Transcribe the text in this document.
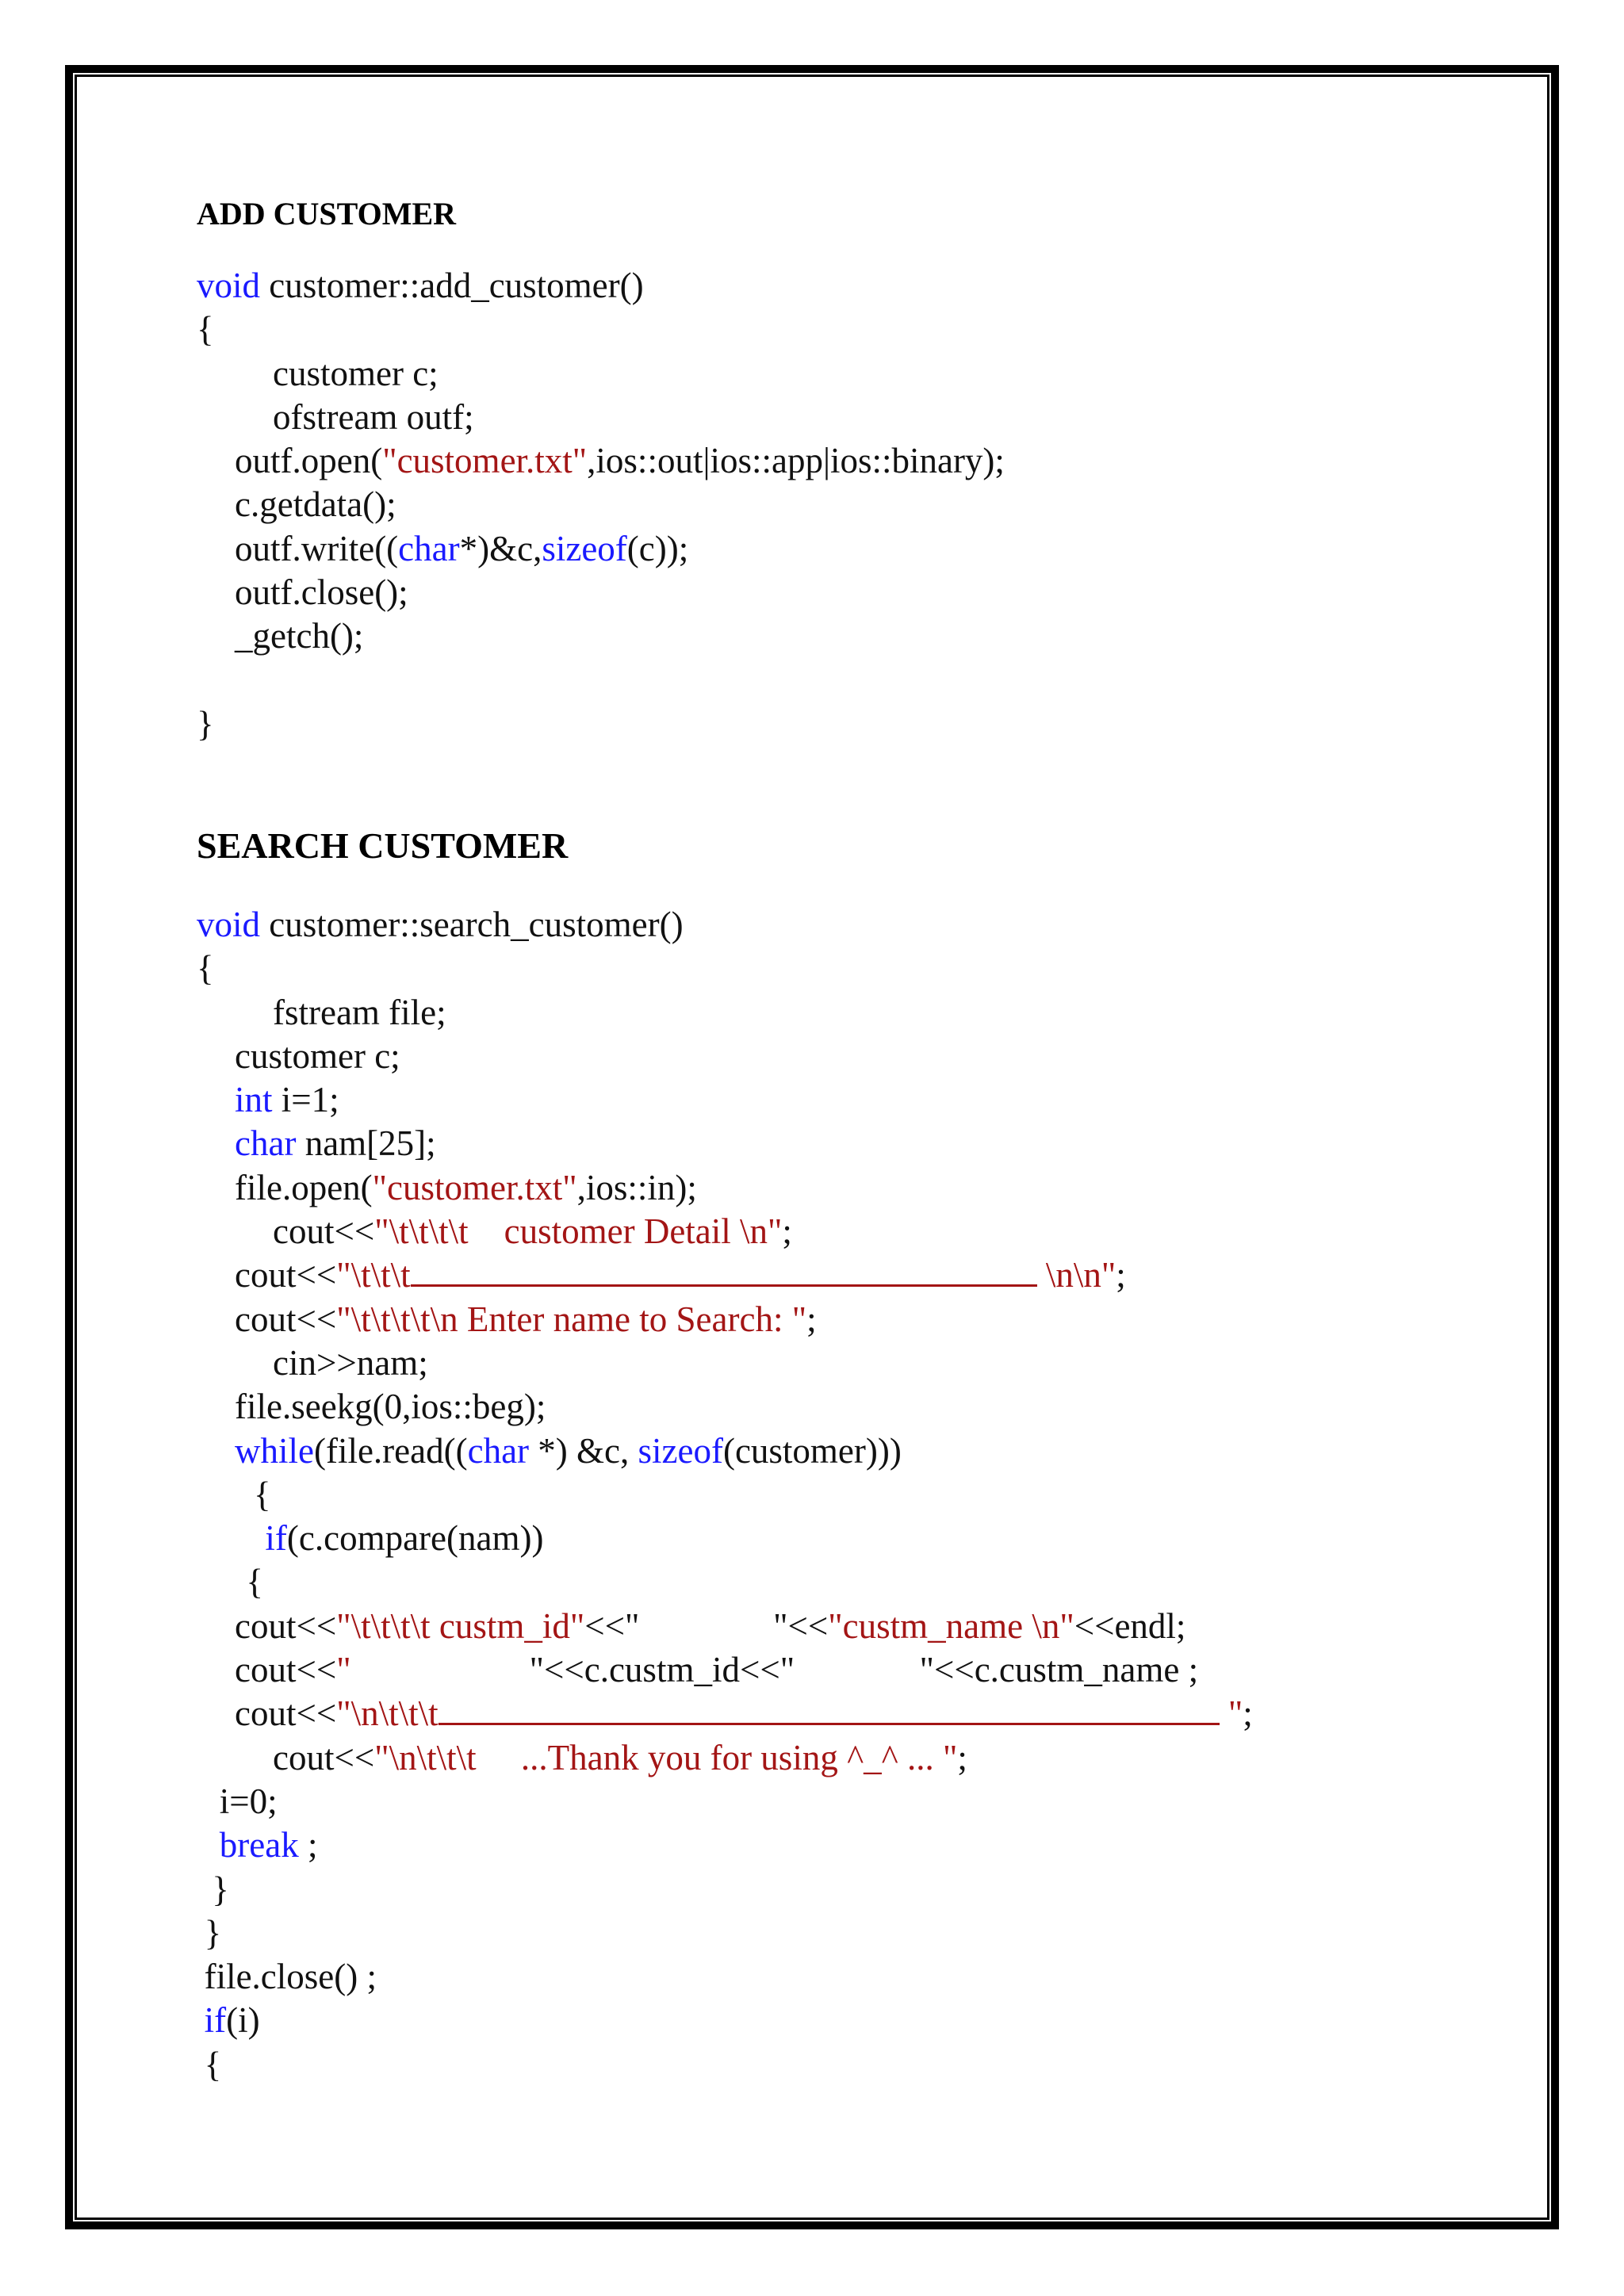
ADD CUSTOMER
void customer::add_customer()
{
customer c;
ofstream outf;
outf.open("customer.txt",ios::out|ios::app|ios::binary);
c.getdata();
outf.write((char*)&c,sizeof(c));
outf.close();
_getch();

}
SEARCH CUSTOMER
void customer::search_customer()
{
fstream file;
customer c;
int i=1;
char nam[25];
file.open("customer.txt",ios::in);
cout<<"\t\t\t\t    customer Detail \n";
cout<<"\t\t\t	\n\n";
cout<<"\t\t\t\t\n Enter name to Search: ";
cin>>nam;
file.seekg(0,ios::beg);
while(file.read((char *) &c, sizeof(customer)))
{
if(c.compare(nam))
{
cout<<"\t\t\t\t custm_id"<<"               "<<"custm_name \n"<<endl;
cout<<"                    "<<c.custm_id<<"              "<<c.custm_name ;
cout<<"\n\t\t\t	";
cout<<"\n\t\t\t     ...Thank you for using ^_^ ... ";
i=0;
break ;
}
}
file.close() ;
if(i)
{
